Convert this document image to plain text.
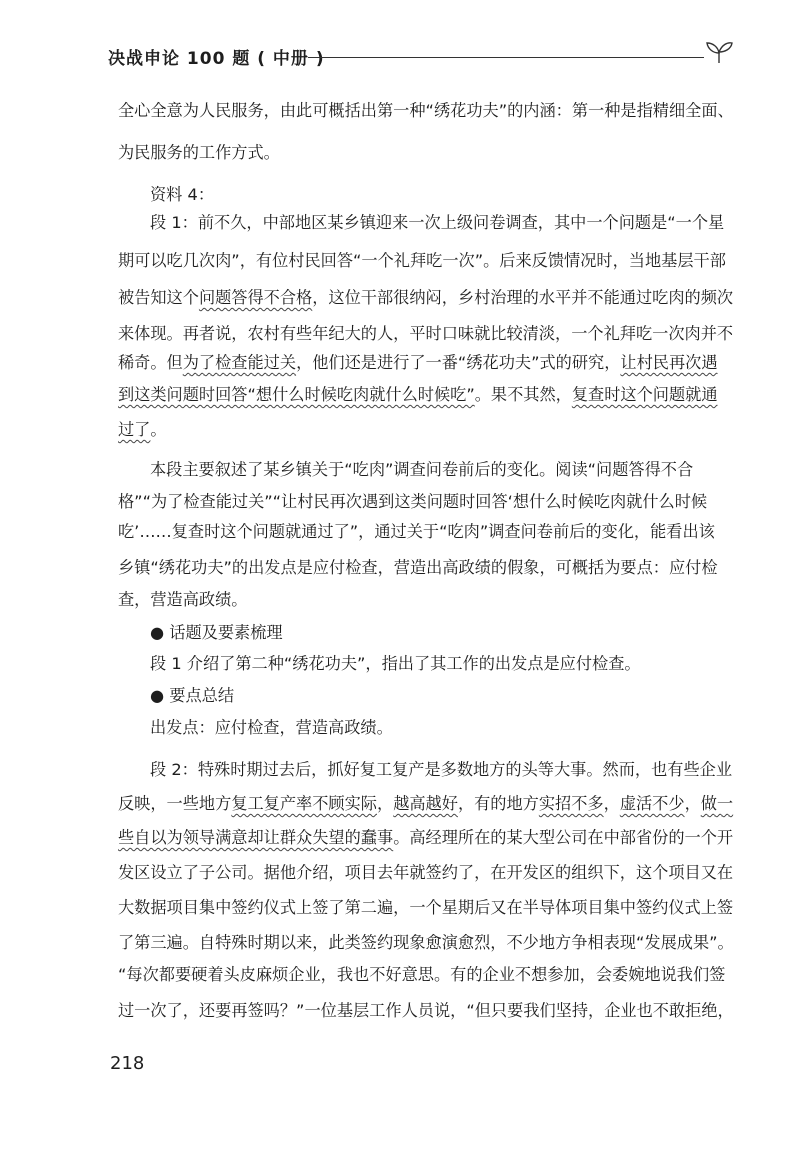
决战申论 100 题 ( 中册 )
全心全意为人民服务，由此可概括出第一种“绣花功夫”的内涵：第一种是指精细全面、
为民服务的工作方式。
资料 4：
段 1：前不久，中部地区某乡镇迎来一次上级问卷调查，其中一个问题是“一个星
期可以吃几次肉”，有位村民回答“一个礼拜吃一次”。后来反馈情况时，当地基层干部
被告知这个问题答得不合格，这位干部很纳闷，乡村治理的水平并不能通过吃肉的频次
来体现。再者说，农村有些年纪大的人，平时口味就比较清淡，一个礼拜吃一次肉并不
稀奇。但为了检查能过关，他们还是进行了一番“绣花功夫”式的研究，让村民再次遇
到这类问题时回答“想什么时候吃肉就什么时候吃”。果不其然，复查时这个问题就通
过了。
本段主要叙述了某乡镇关于“吃肉”调查问卷前后的变化。阅读“问题答得不合
格”“为了检查能过关”“让村民再次遇到这类问题时回答‘想什么时候吃肉就什么时候
吃’……复查时这个问题就通过了”，通过关于“吃肉”调查问卷前后的变化，能看出该
乡镇“绣花功夫”的出发点是应付检查，营造出高政绩的假象，可概括为要点：应付检
查，营造高政绩。
● 话题及要素梳理
段 1 介绍了第二种“绣花功夫”，指出了其工作的出发点是应付检查。
● 要点总结
出发点：应付检查，营造高政绩。
段 2：特殊时期过去后，抓好复工复产是多数地方的头等大事。然而，也有些企业
反映，一些地方复工复产率不顾实际，越高越好，有的地方实招不多，虚活不少，做一
些自以为领导满意却让群众失望的蠢事。高经理所在的某大型公司在中部省份的一个开
发区设立了子公司。据他介绍，项目去年就签约了，在开发区的组织下，这个项目又在
大数据项目集中签约仪式上签了第二遍，一个星期后又在半导体项目集中签约仪式上签
了第三遍。自特殊时期以来，此类签约现象愈演愈烈，不少地方争相表现“发展成果”。
“每次都要硬着头皮麻烦企业，我也不好意思。有的企业不想参加，会委婉地说我们签
过一次了，还要再签吗？”一位基层工作人员说，“但只要我们坚持，企业也不敢拒绝，
218
